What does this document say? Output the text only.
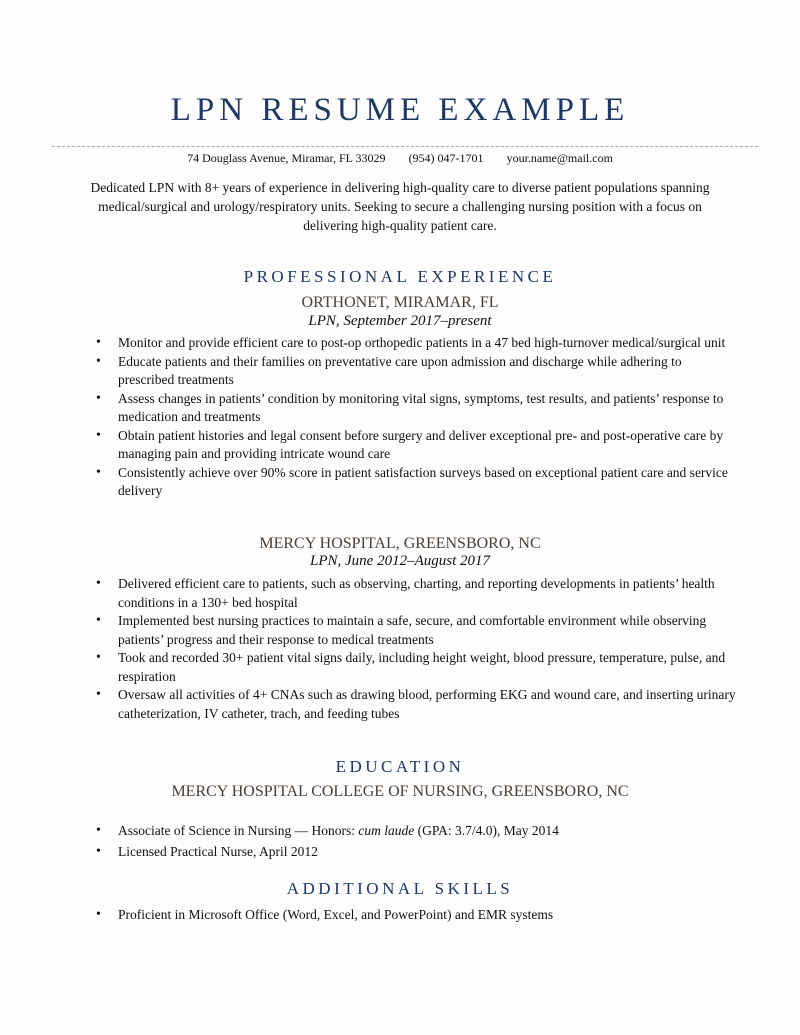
LPN RESUME EXAMPLE
74 Douglass Avenue, Miramar, FL 33029 (954) 047-1701 your.name@mail.com
Dedicated LPN with 8+ years of experience in delivering high-quality care to diverse patient populations spanning medical/surgical and urology/respiratory units. Seeking to secure a challenging nursing position with a focus on delivering high-quality patient care.
PROFESSIONAL EXPERIENCE
ORTHONET, MIRAMAR, FL
LPN, September 2017–present
• Monitor and provide efficient care to post-op orthopedic patients in a 47 bed high-turnover medical/surgical unit
• Educate patients and their families on preventative care upon admission and discharge while adhering to prescribed treatments
• Assess changes in patients’ condition by monitoring vital signs, symptoms, test results, and patients’ response to medication and treatments
• Obtain patient histories and legal consent before surgery and deliver exceptional pre- and post-operative care by managing pain and providing intricate wound care
• Consistently achieve over 90% score in patient satisfaction surveys based on exceptional patient care and service delivery
MERCY HOSPITAL, GREENSBORO, NC
LPN, June 2012–August 2017
• Delivered efficient care to patients, such as observing, charting, and reporting developments in patients’ health conditions in a 130+ bed hospital
• Implemented best nursing practices to maintain a safe, secure, and comfortable environment while observing patients’ progress and their response to medical treatments
• Took and recorded 30+ patient vital signs daily, including height weight, blood pressure, temperature, pulse, and respiration
• Oversaw all activities of 4+ CNAs such as drawing blood, performing EKG and wound care, and inserting urinary catheterization, IV catheter, trach, and feeding tubes
EDUCATION
MERCY HOSPITAL COLLEGE OF NURSING, GREENSBORO, NC
• Associate of Science in Nursing — Honors: cum laude (GPA: 3.7/4.0), May 2014
• Licensed Practical Nurse, April 2012
ADDITIONAL SKILLS
• Proficient in Microsoft Office (Word, Excel, and PowerPoint) and EMR systems
